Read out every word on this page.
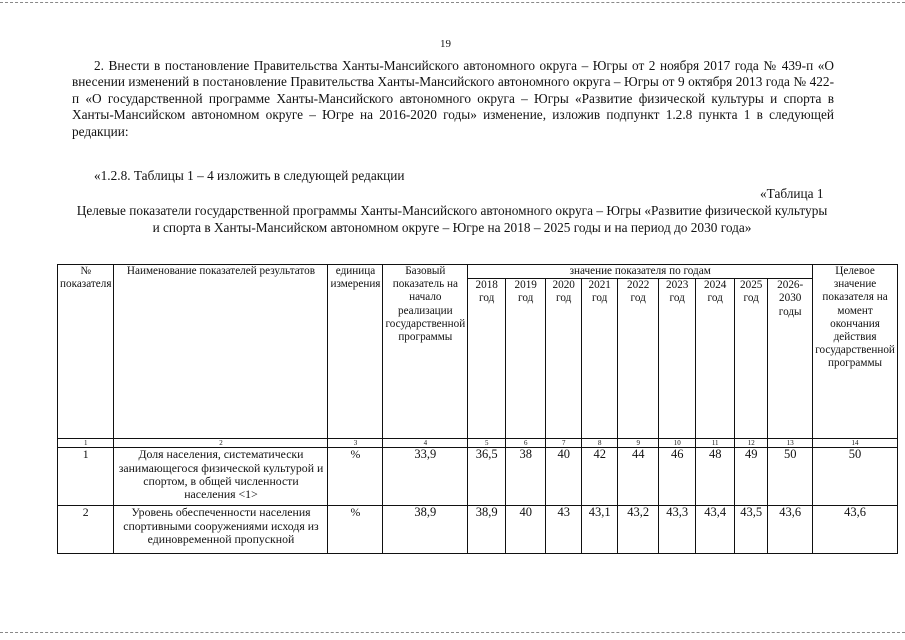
19
2. Внести в постановление Правительства Ханты-Мансийского автономного округа – Югры от 2 ноября 2017 года № 439-п «О внесении изменений в постановление Правительства Ханты-Мансийского автономного округа – Югры от 9 октября 2013 года № 422-п «О государственной программе Ханты-Мансийского автономного округа – Югры «Развитие физической культуры и спорта в Ханты-Мансийском автономном округе – Югре на 2016-2020 годы» изменение, изложив подпункт 1.2.8 пункта 1 в следующей редакции:
«1.2.8. Таблицы 1 – 4 изложить в следующей редакции
«Таблица 1
Целевые показатели государственной программы Ханты-Мансийского автономного округа – Югры «Развитие физической культуры и спорта в Ханты-Мансийском автономном округе – Югре на 2018 – 2025 годы и на период до 2030 года»
№ показателя	Наименование показателей результатов	единица измерения	Базовый показатель на начало реализации государственной программы	значение показателя по годам									Целевое значение показателя на момент окончания действия государственной программы
				2018 год	2019 год	2020 год	2021 год	2022 год	2023 год	2024 год	2025 год	2026-2030 годы	
1	2	3	4	5	6	7	8	9	10	11	12	13	14
1	Доля населения, систематически занимающегося физической культурой и спортом, в общей численности населения <1>	%	33,9	36,5	38	40	42	44	46	48	49	50	50
2	Уровень обеспеченности населения спортивными сооружениями исходя из единовременной пропускной	%	38,9	38,9	40	43	43,1	43,2	43,3	43,4	43,5	43,6	43,6
